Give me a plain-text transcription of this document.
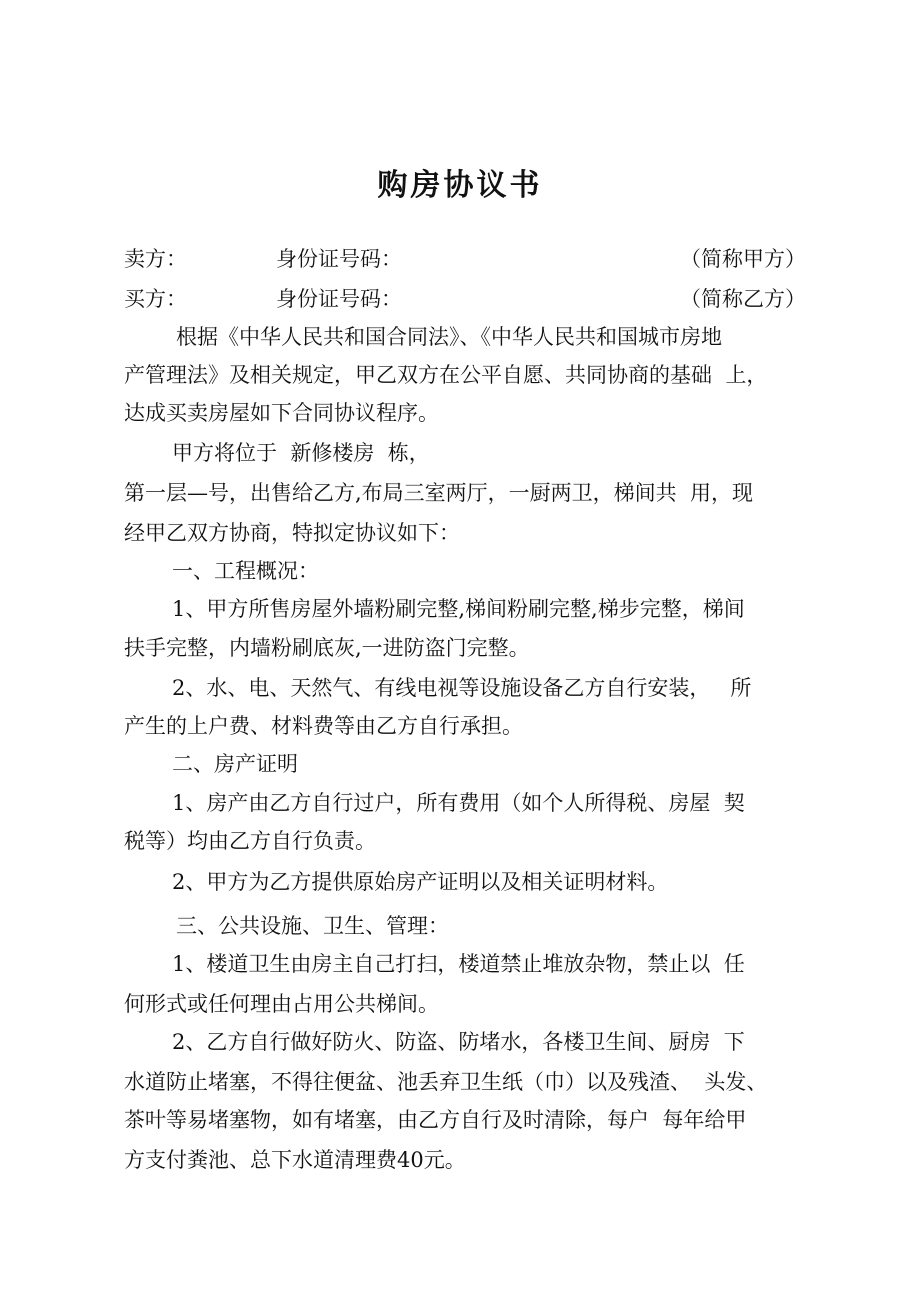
购房协议书
卖方：	身份证号码：	（简称甲方）
买方：	身份证号码：	（简称乙方）
根据《中华人民共和国合同法》、《中华人民共和国城市房地
产管理法》及相关规定，甲乙双方在公平自愿、共同协商的基础  上，
达成买卖房屋如下合同协议程序。
甲方将位于  新修楼房  栋，
第一层—号，出售给乙方,布局三室两厅，一厨两卫，梯间共  用，现
经甲乙双方协商，特拟定协议如下：
一、工程概况：
1、甲方所售房屋外墙粉刷完整,梯间粉刷完整,梯步完整，梯间
扶手完整，内墙粉刷底灰,一进防盗门完整。
2、水、电、天然气、有线电视等设施设备乙方自行安装，   所
产生的上户费、材料费等由乙方自行承担。
二、房产证明
1、房产由乙方自行过户，所有费用（如个人所得税、房屋  契
税等）均由乙方自行负责。
2、甲方为乙方提供原始房产证明以及相关证明材料。
三、公共设施、卫生、管理：
1、楼道卫生由房主自己打扫，楼道禁止堆放杂物，禁止以  任
何形式或任何理由占用公共梯间。
2、乙方自行做好防火、防盗、防堵水，各楼卫生间、厨房  下
水道防止堵塞，不得往便盆、池丢弃卫生纸（巾）以及残渣、  头发、
茶叶等易堵塞物，如有堵塞，由乙方自行及时清除，每户  每年给甲
方支付粪池、总下水道清理费40元。
